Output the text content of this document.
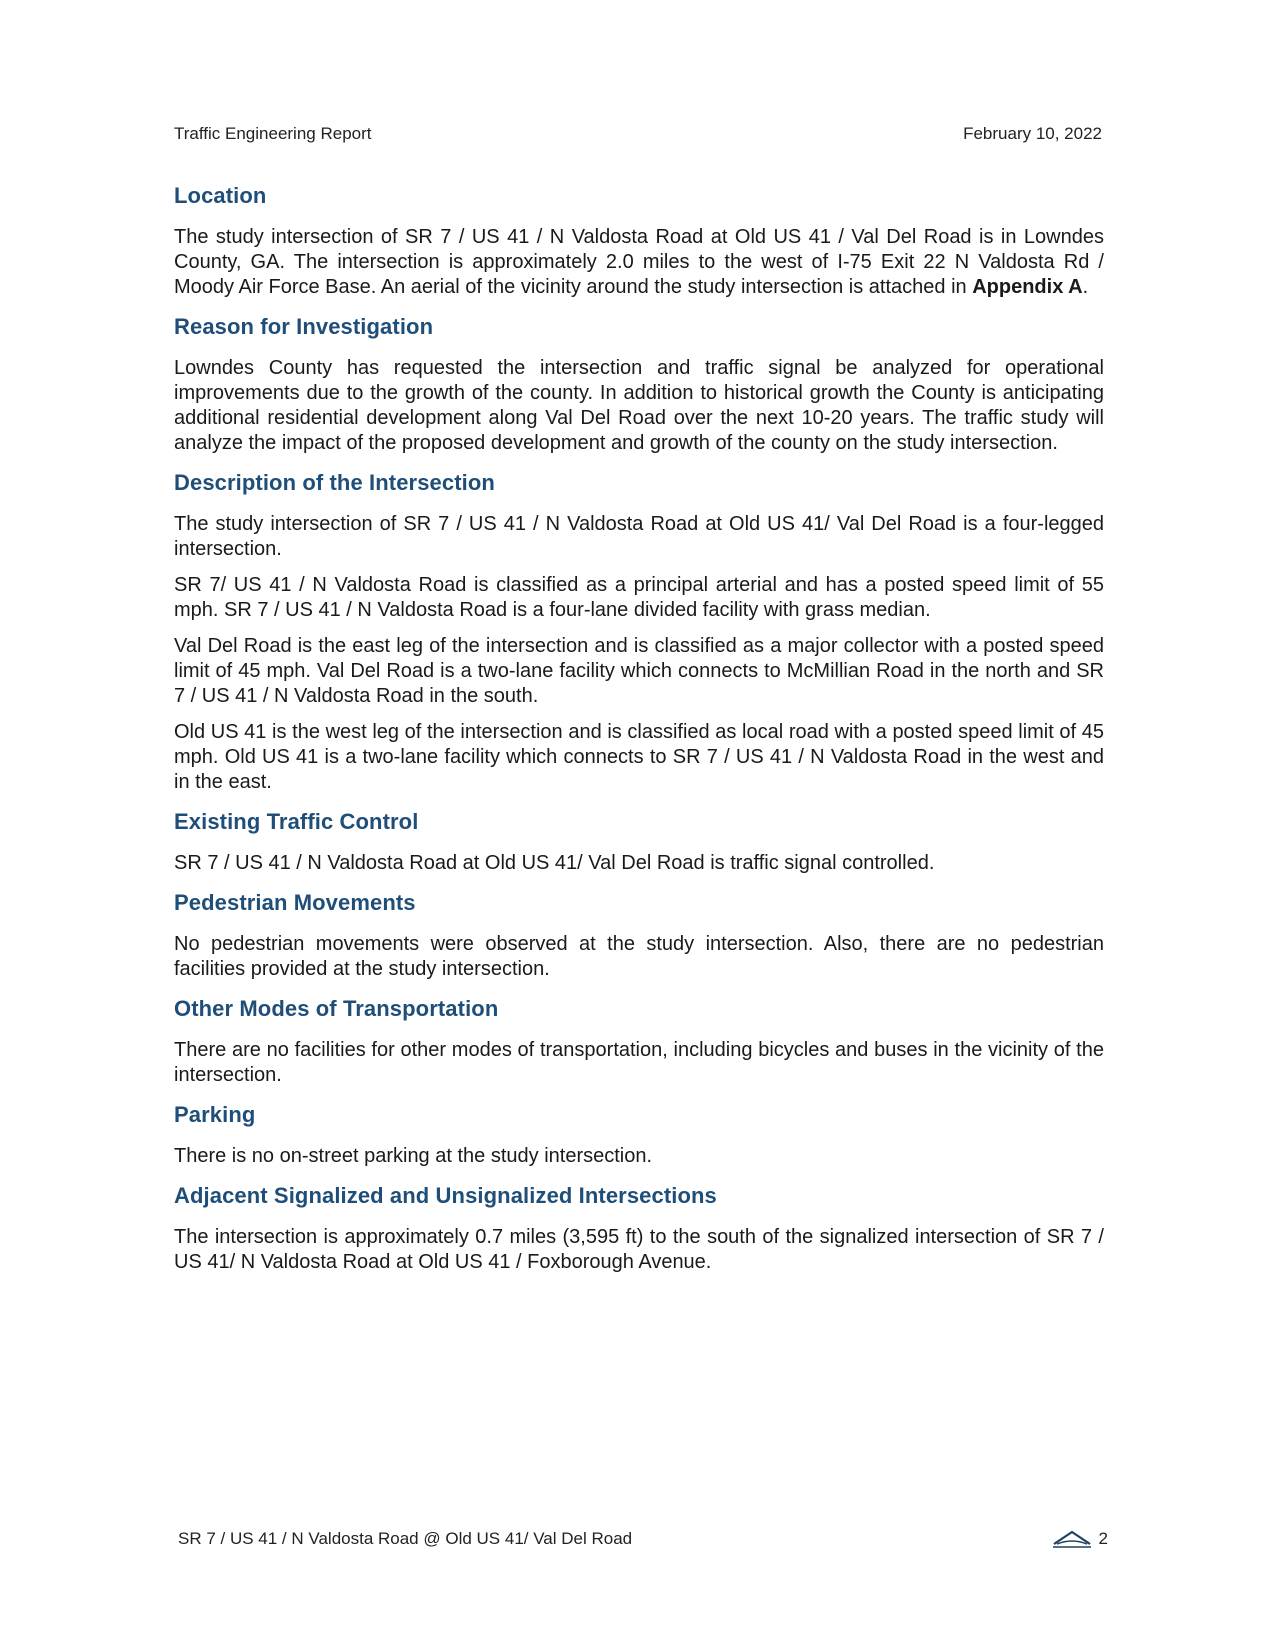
Traffic Engineering Report	February 10, 2022
Location

The study intersection of SR 7 / US 41 / N Valdosta Road at Old US 41 / Val Del Road is in Lowndes County, GA. The intersection is approximately 2.0 miles to the west of I-75 Exit 22 N Valdosta Rd / Moody Air Force Base. An aerial of the vicinity around the study intersection is attached in Appendix A.

Reason for Investigation

Lowndes County has requested the intersection and traffic signal be analyzed for operational improvements due to the growth of the county. In addition to historical growth the County is anticipating additional residential development along Val Del Road over the next 10-20 years. The traffic study will analyze the impact of the proposed development and growth of the county on the study intersection.

Description of the Intersection

The study intersection of SR 7 / US 41 / N Valdosta Road at Old US 41/ Val Del Road is a four-legged intersection.

SR 7/ US 41 / N Valdosta Road is classified as a principal arterial and has a posted speed limit of 55 mph. SR 7 / US 41 / N Valdosta Road is a four-lane divided facility with grass median.

Val Del Road is the east leg of the intersection and is classified as a major collector with a posted speed limit of 45 mph. Val Del Road is a two-lane facility which connects to McMillian Road in the north and SR 7 / US 41 / N Valdosta Road in the south.

Old US 41 is the west leg of the intersection and is classified as local road with a posted speed limit of 45 mph. Old US 41 is a two-lane facility which connects to SR 7 / US 41 / N Valdosta Road in the west and in the east.

Existing Traffic Control

SR 7 / US 41 / N Valdosta Road at Old US 41/ Val Del Road is traffic signal controlled.

Pedestrian Movements

No pedestrian movements were observed at the study intersection. Also, there are no pedestrian facilities provided at the study intersection.

Other Modes of Transportation

There are no facilities for other modes of transportation, including bicycles and buses in the vicinity of the intersection.

Parking

There is no on-street parking at the study intersection.

Adjacent Signalized and Unsignalized Intersections

The intersection is approximately 0.7 miles (3,595 ft) to the south of the signalized intersection of SR 7 / US 41/ N Valdosta Road at Old US 41 / Foxborough Avenue.

SR 7 / US 41 / N Valdosta Road @ Old US 41/ Val Del Road	2
